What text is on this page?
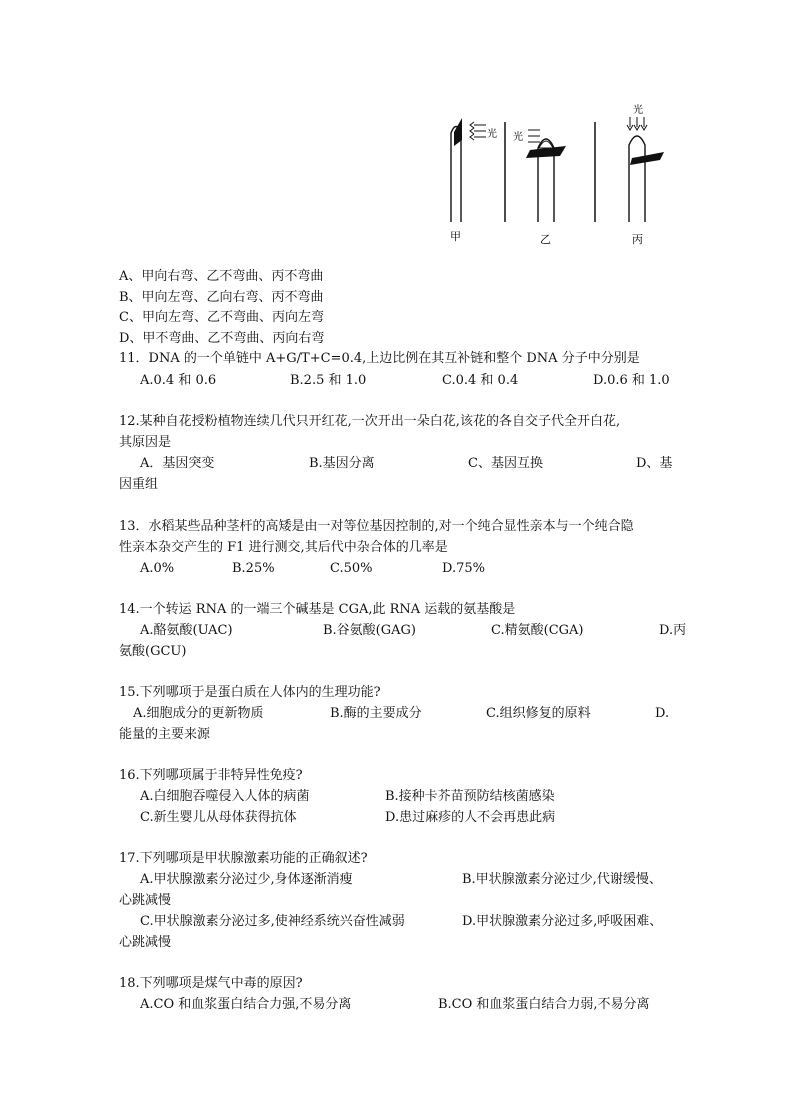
光 光
光
甲	乙	丙
A、甲向右弯、乙不弯曲、丙不弯曲
B、甲向左弯、乙向右弯、丙不弯曲
C、甲向左弯、乙不弯曲、丙向左弯
D、甲不弯曲、乙不弯曲、丙向右弯
11．DNA 的一个单链中 A+G/T+C=0.4,上边比例在其互补链和整个 DNA 分子中分别是
A.0.4 和 0.6	B.2.5 和 1.0	C.0.4 和 0.4	D.0.6 和 1.0
12.某种自花授粉植物连续几代只开红花,一次开出一朵白花,该花的各自交子代全开白花,
其原因是
A．基因突变	B.基因分离	C、基因互换	D、基
因重组
13．水稻某些品种茎杆的高矮是由一对等位基因控制的,对一个纯合显性亲本与一个纯合隐
性亲本杂交产生的 F1 进行测交,其后代中杂合体的几率是
A.0%	B.25%	C.50%	D.75%
14.一个转运 RNA 的一端三个碱基是 CGA,此 RNA 运载的氨基酸是
A.酪氨酸(UAC)	B.谷氨酸(GAG)	C.精氨酸(CGA)	D.丙
氨酸(GCU)
15.下列哪项于是蛋白质在人体内的生理功能?
A.细胞成分的更新物质	B.酶的主要成分	C.组织修复的原料	D.
能量的主要来源
16.下列哪项属于非特异性免疫?
A.白细胞吞噬侵入人体的病菌	B.接种卡芥苗预防结核菌感染
C.新生婴儿从母体获得抗体	D.患过麻疹的人不会再患此病
17.下列哪项是甲状腺激素功能的正确叙述?
A.甲状腺激素分泌过少,身体逐渐消瘦	B.甲状腺激素分泌过少,代谢缓慢、
心跳减慢
C.甲状腺激素分泌过多,使神经系统兴奋性减弱	D.甲状腺激素分泌过多,呼吸困难、
心跳减慢
18.下列哪项是煤气中毒的原因?
A.CO 和血浆蛋白结合力强,不易分离	B.CO 和血浆蛋白结合力弱,不易分离
